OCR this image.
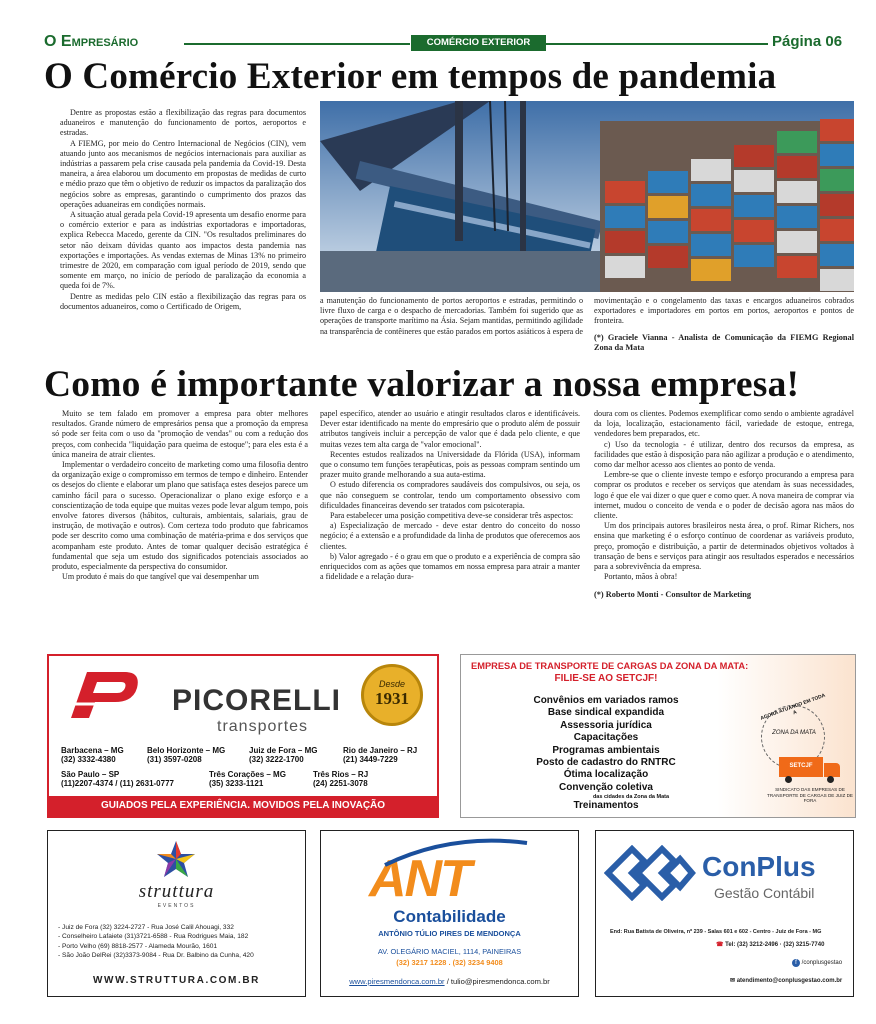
O Empresário	COMÉRCIO EXTERIOR	Página 06
O Comércio Exterior em tempos de pandemia

Dentre as propostas estão a flexibilização das regras para documentos aduaneiros e manutenção do funcionamento de portos, aeroportos e estradas.

A FIEMG, por meio do Centro Internacional de Negócios (CIN), vem atuando junto aos mecanismos de negócios internacionais para auxiliar as indústrias a passarem pela crise causada pela pandemia da Covid-19. Desta maneira, a área elaborou um documento em propostas de medidas de curto e médio prazo que têm o objetivo de reduzir os impactos da paralização dos negócios sobre as empresas, garantindo o cumprimento dos prazos das operações aduaneiras em condições normais.

A situação atual gerada pela Covid-19 apresenta um desafio enorme para o comércio exterior e para as indústrias exportadoras e importadoras, explica Rebecca Macedo, gerente da CIN. "Os resultados preliminares do setor não deixam dúvidas quanto aos impactos desta pandemia nas exportações e importações. As vendas externas de Minas 13% no primeiro trimestre de 2020, em comparação com igual período de 2019, sendo que somente em março, no início de período de paralização da economia a queda foi de 7%.

Dentre as medidas pelo CIN estão a flexibilização das regras para os documentos aduaneiros, como o Certificado de Origem,

a manutenção do funcionamento de portos aeroportos e estradas, permitindo o livre fluxo de carga e o despacho de mercadorias. Também foi sugerido que as operações de transporte marítimo na Ásia. Sejam mantidas, permitindo agilidade na transparência de contêineres que estão parados em portos asiáticos à espera de

movimentação e o congelamento das taxas e encargos aduaneiros cobrados exportadores e importadores em portos em portos, aeroportos e pontos de fronteira.

(*) Graciele Vianna - Analista de Comunicação da FIEMG Regional Zona da Mata

Como é importante valorizar a nossa empresa!

Muito se tem falado em promover a empresa para obter melhores resultados. Grande número de empresários pensa que a promoção da empresa só pode ser feita com o uso da "promoção de vendas" ou com a redução dos preços, com conhecida "liquidação para queima de estoque"; para eles esta é a única maneira de atrair clientes.

Implementar o verdadeiro conceito de marketing como uma filosofia dentro da organização exige o compromisso em termos de tempo e dinheiro. Entender os desejos do cliente e elaborar um plano que satisfaça estes desejos parece um caminho fácil para o sucesso. Operacionalizar o plano exige esforço e a conscientização de toda equipe que muitas vezes pode levar algum tempo, pois envolve fatores diversos (hábitos, culturais, ambientais, salariais, grau de instrução, de motivação e outros). Com certeza todo produto que fabricamos pode ser descrito como uma combinação de matéria-prima e dos serviços que acompanham este produto. Antes de tomar qualquer decisão estratégica é fundamental que seja um estudo dos significados potenciais associados ao produto, especialmente da perspectiva do consumidor.

Um produto é mais do que tangível que vai desempenhar um

papel específico, atender ao usuário e atingir resultados claros e identificáveis. Dever estar identificado na mente do empresário que o produto além de possuir atributos tangíveis incluir a percepção de valor que é dada pelo cliente, e que muitas vezes tem alta carga de "valor emocional".

Recentes estudos realizados na Universidade da Flórida (USA), informam que o consumo tem funções terapêuticas, pois as pessoas compram sentindo um prazer muito grande melhorando a sua auta-estima.

O estudo diferencia os compradores saudáveis dos compulsivos, ou seja, os que não conseguem se controlar, tendo um comportamento obsessivo com dificuldades financeiras devendo ser tratados com psicoterapia.

Para estabelecer uma posição competitiva deve-se considerar três aspectos:

a) Especialização de mercado - deve estar dentro do conceito do nosso negócio; é a extensão e a profundidade da linha de produtos que oferecemos aos clientes.

b) Valor agregado - é o grau em que o produto e a experiência de compra são enriquecidos com as ações que tomamos em nossa empresa para atrair a manter a fidelidade e a relação dura-

doura com os clientes. Podemos exemplificar como sendo o ambiente agradável da loja, localização, estacionamento fácil, variedade de estoque, entrega, vendedores bem preparados, etc.

c) Uso da tecnologia - é utilizar, dentro dos recursos da empresa, as facilidades que estão à disposição para não agilizar a produção e o atendimento, como dar melhor acesso aos clientes ao ponto de venda.

Lembre-se que o cliente investe tempo e esforço procurando a empresa para comprar os produtos e receber os serviços que atendam às suas necessidades, logo é que ele vai dizer o que quer e como quer. A nova maneira de comprar via internet, mudou o conceito de venda e o poder de decisão agora nas mãos do cliente.

Um dos principais autores brasileiros nesta área, o prof. Rimar Richers, nos ensina que marketing é o esforço contínuo de coordenar as variáveis produto, preço, promoção e distribuição, a partir de determinados objetivos voltados à transação de bens e serviços para atingir aos resultados esperados e necessários para a sobrevivência da empresa.

Portanto, mãos à obra!

(*) Roberto Monti - Consultor de Marketing

PICORELLI
transportes
Desde
1931
Barbacena – MG
(32) 3332-4380
Belo Horizonte – MG
(31) 3597-0208
Juiz de Fora – MG
(32) 3222-1700
Rio de Janeiro – RJ
(21) 3449-7229
São Paulo – SP
(11)2207-4374 / (11) 2631-0777
Três Corações – MG
(35) 3233-1121
Três Rios – RJ
(24) 2251-3078
GUIADOS PELA EXPERIÊNCIA. MOVIDOS PELA INOVAÇÃO
EMPRESA DE TRANSPORTE DE CARGAS DA ZONA DA MATA:
FILIE-SE AO SETCJF!
Convênios em variados ramos
Base sindical expandida
Assessoria jurídica
Capacitações
Programas ambientais
Posto de cadastro do RNTRC
Ótima localização
Convenção coletiva
das cidades da Zona da Mata
Treinamentos
AGORA ATUANDO EM TODA A
ZONA DA MATA
SETCJF
SINDICATO DAS EMPRESAS DE TRANSPORTE DE CARGAS DE JUIZ DE FORA
struttura
EVENTOS
- Juiz de Fora (32) 3224-2727 - Rua José Calil Ahouagi, 332
- Conselheiro Lafaiete (31)3721-6588 - Rua Rodrigues Maia, 182
- Porto Velho (69) 8818-2577 - Alameda Mourão, 1601
- São João DelRei (32)3373-9084 - Rua Dr. Balbino da Cunha, 420
WWW.STRUTTURA.COM.BR
ANT
Contabilidade
ANTÔNIO TÚLIO PIRES DE MENDONÇA
AV. OLEGÁRIO MACIEL, 1114, PAINEIRAS
(32) 3217 1228 . (32) 3234 9408
www.piresmendonca.com.br / tulio@piresmendonca.com.br
ConPlus
Gestão Contábil
End: Rua Batista de Oliveira, nº 239 - Salas 601 e 602 - Centro - Juiz de Fora - MG
☎ Tel: (32) 3212-2496 · (32) 3215-7740
f /conplusgestao
✉ atendimento@conplusgestao.com.br
